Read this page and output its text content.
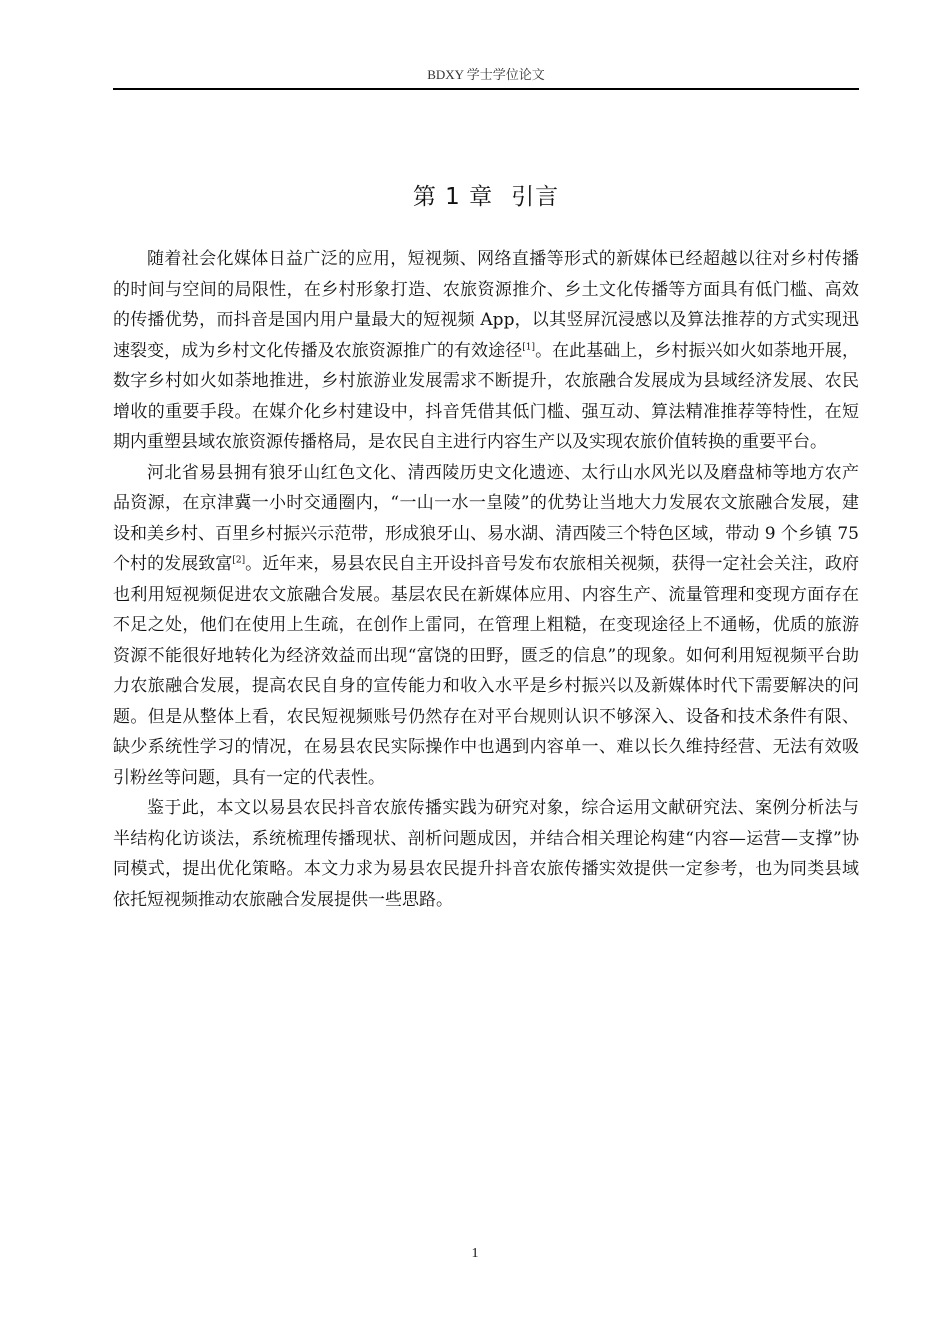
BDXY 学士学位论文
第 1 章 引言

随着社会化媒体日益广泛的应用，短视频、网络直播等形式的新媒体已经超越以往对乡村传播的时间与空间的局限性，在乡村形象打造、农旅资源推介、乡土文化传播等方面具有低门槛、高效的传播优势，而抖音是国内用户量最大的短视频 App，以其竖屏沉浸感以及算法推荐的方式实现迅速裂变，成为乡村文化传播及农旅资源推广的有效途径[1]。在此基础上，乡村振兴如火如荼地开展，数字乡村如火如荼地推进，乡村旅游业发展需求不断提升，农旅融合发展成为县域经济发展、农民增收的重要手段。在媒介化乡村建设中，抖音凭借其低门槛、强互动、算法精准推荐等特性，在短期内重塑县域农旅资源传播格局，是农民自主进行内容生产以及实现农旅价值转换的重要平台。

河北省易县拥有狼牙山红色文化、清西陵历史文化遗迹、太行山水风光以及磨盘柿等地方农产品资源，在京津冀一小时交通圈内，“一山一水一皇陵”的优势让当地大力发展农文旅融合发展，建设和美乡村、百里乡村振兴示范带，形成狼牙山、易水湖、清西陵三个特色区域，带动 9 个乡镇 75 个村的发展致富[2]。近年来，易县农民自主开设抖音号发布农旅相关视频，获得一定社会关注，政府也利用短视频促进农文旅融合发展。基层农民在新媒体应用、内容生产、流量管理和变现方面存在不足之处，他们在使用上生疏，在创作上雷同，在管理上粗糙，在变现途径上不通畅，优质的旅游资源不能很好地转化为经济效益而出现“富饶的田野，匮乏的信息”的现象。如何利用短视频平台助力农旅融合发展，提高农民自身的宣传能力和收入水平是乡村振兴以及新媒体时代下需要解决的问题。但是从整体上看，农民短视频账号仍然存在对平台规则认识不够深入、设备和技术条件有限、缺少系统性学习的情况，在易县农民实际操作中也遇到内容单一、难以长久维持经营、无法有效吸引粉丝等问题，具有一定的代表性。

鉴于此，本文以易县农民抖音农旅传播实践为研究对象，综合运用文献研究法、案例分析法与半结构化访谈法，系统梳理传播现状、剖析问题成因，并结合相关理论构建“内容—运营—支撑”协同模式，提出优化策略。本文力求为易县农民提升抖音农旅传播实效提供一定参考，也为同类县域依托短视频推动农旅融合发展提供一些思路。

1
